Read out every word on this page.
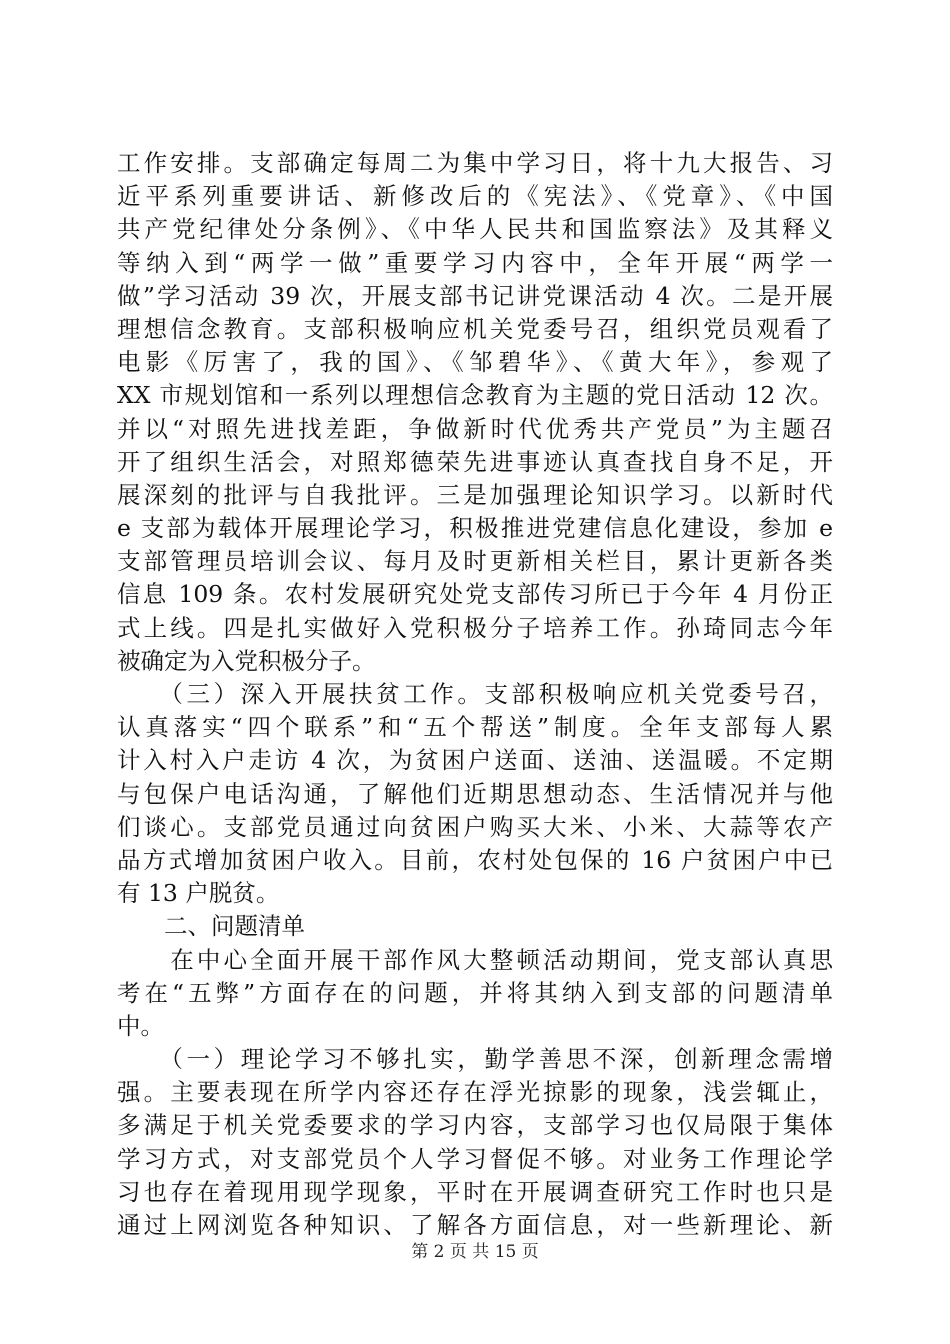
工作安排。支部确定每周二为集中学习日，将十九大报告、习
近平系列重要讲话、新修改后的《宪法》、《党章》、《中国
共产党纪律处分条例》、《中华人民共和国监察法》及其释义
等纳入到“两学一做”重要学习内容中，全年开展“两学一
做”学习活动 39 次，开展支部书记讲党课活动 4 次。二是开展
理想信念教育。支部积极响应机关党委号召，组织党员观看了
电影《厉害了，我的国》、《邹碧华》、《黄大年》，参观了
XX 市规划馆和一系列以理想信念教育为主题的党日活动 12 次。
并以“对照先进找差距，争做新时代优秀共产党员”为主题召
开了组织生活会，对照郑德荣先进事迹认真查找自身不足，开
展深刻的批评与自我批评。三是加强理论知识学习。以新时代
e 支部为载体开展理论学习，积极推进党建信息化建设，参加 e
支部管理员培训会议、每月及时更新相关栏目，累计更新各类
信息 109 条。农村发展研究处党支部传习所已于今年 4 月份正
式上线。四是扎实做好入党积极分子培养工作。孙琦同志今年
被确定为入党积极分子。
　　（三）深入开展扶贫工作。支部积极响应机关党委号召，
认真落实“四个联系”和“五个帮送”制度。全年支部每人累
计入村入户走访 4 次，为贫困户送面、送油、送温暖。不定期
与包保户电话沟通，了解他们近期思想动态、生活情况并与他
们谈心。支部党员通过向贫困户购买大米、小米、大蒜等农产
品方式增加贫困户收入。目前，农村处包保的 16 户贫困户中已
有 13 户脱贫。
　　二、问题清单
　　在中心全面开展干部作风大整顿活动期间，党支部认真思
考在“五弊”方面存在的问题，并将其纳入到支部的问题清单
中。
　　（一）理论学习不够扎实，勤学善思不深，创新理念需增
强。主要表现在所学内容还存在浮光掠影的现象，浅尝辄止，
多满足于机关党委要求的学习内容，支部学习也仅局限于集体
学习方式，对支部党员个人学习督促不够。对业务工作理论学
习也存在着现用现学现象，平时在开展调查研究工作时也只是
通过上网浏览各种知识、了解各方面信息，对一些新理论、新
第 2 页 共 15 页
